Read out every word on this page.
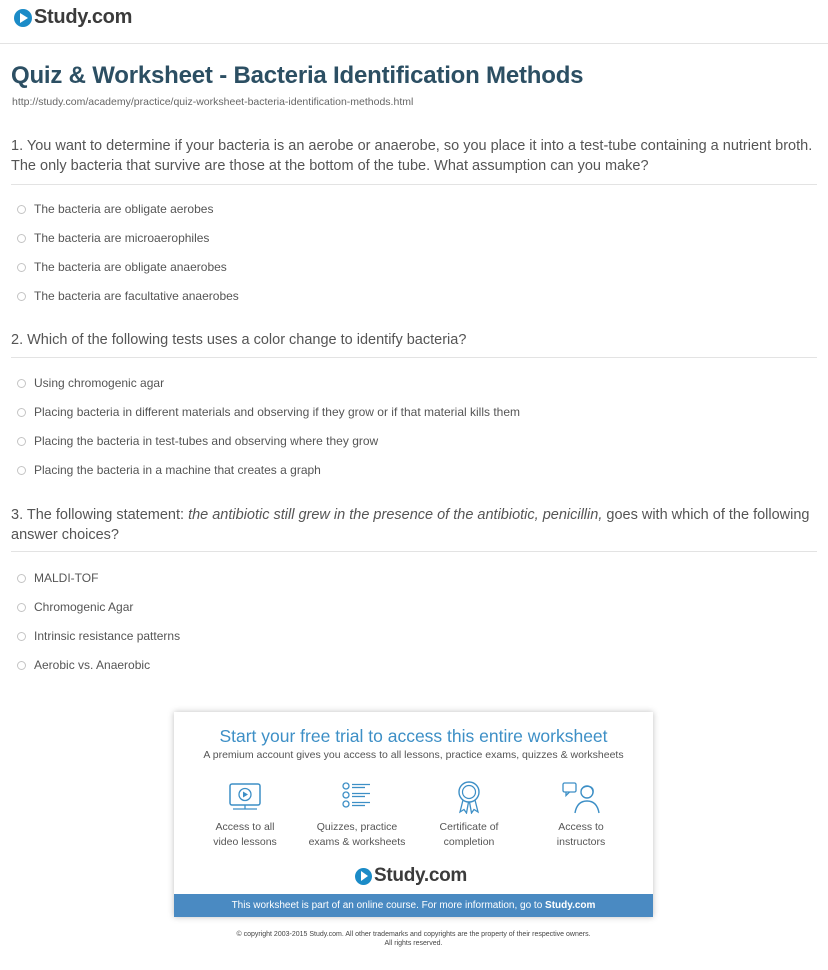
Study.com
Quiz & Worksheet - Bacteria Identification Methods
http://study.com/academy/practice/quiz-worksheet-bacteria-identification-methods.html
1. You want to determine if your bacteria is an aerobe or anaerobe, so you place it into a test-tube containing a nutrient broth. The only bacteria that survive are those at the bottom of the tube. What assumption can you make?
The bacteria are obligate aerobes
The bacteria are microaerophiles
The bacteria are obligate anaerobes
The bacteria are facultative anaerobes
2. Which of the following tests uses a color change to identify bacteria?
Using chromogenic agar
Placing bacteria in different materials and observing if they grow or if that material kills them
Placing the bacteria in test-tubes and observing where they grow
Placing the bacteria in a machine that creates a graph
3. The following statement: the antibiotic still grew in the presence of the antibiotic, penicillin, goes with which of the following answer choices?
MALDI-TOF
Chromogenic Agar
Intrinsic resistance patterns
Aerobic vs. Anaerobic
Start your free trial to access this entire worksheet
A premium account gives you access to all lessons, practice exams, quizzes & worksheets
Access to all
video lessons
Quizzes, practice
exams & worksheets
Certificate of
completion
Access to
instructors
Study.com
This worksheet is part of an online course. For more information, go to Study.com
© copyright 2003-2015 Study.com. All other trademarks and copyrights are the property of their respective owners.
All rights reserved.
